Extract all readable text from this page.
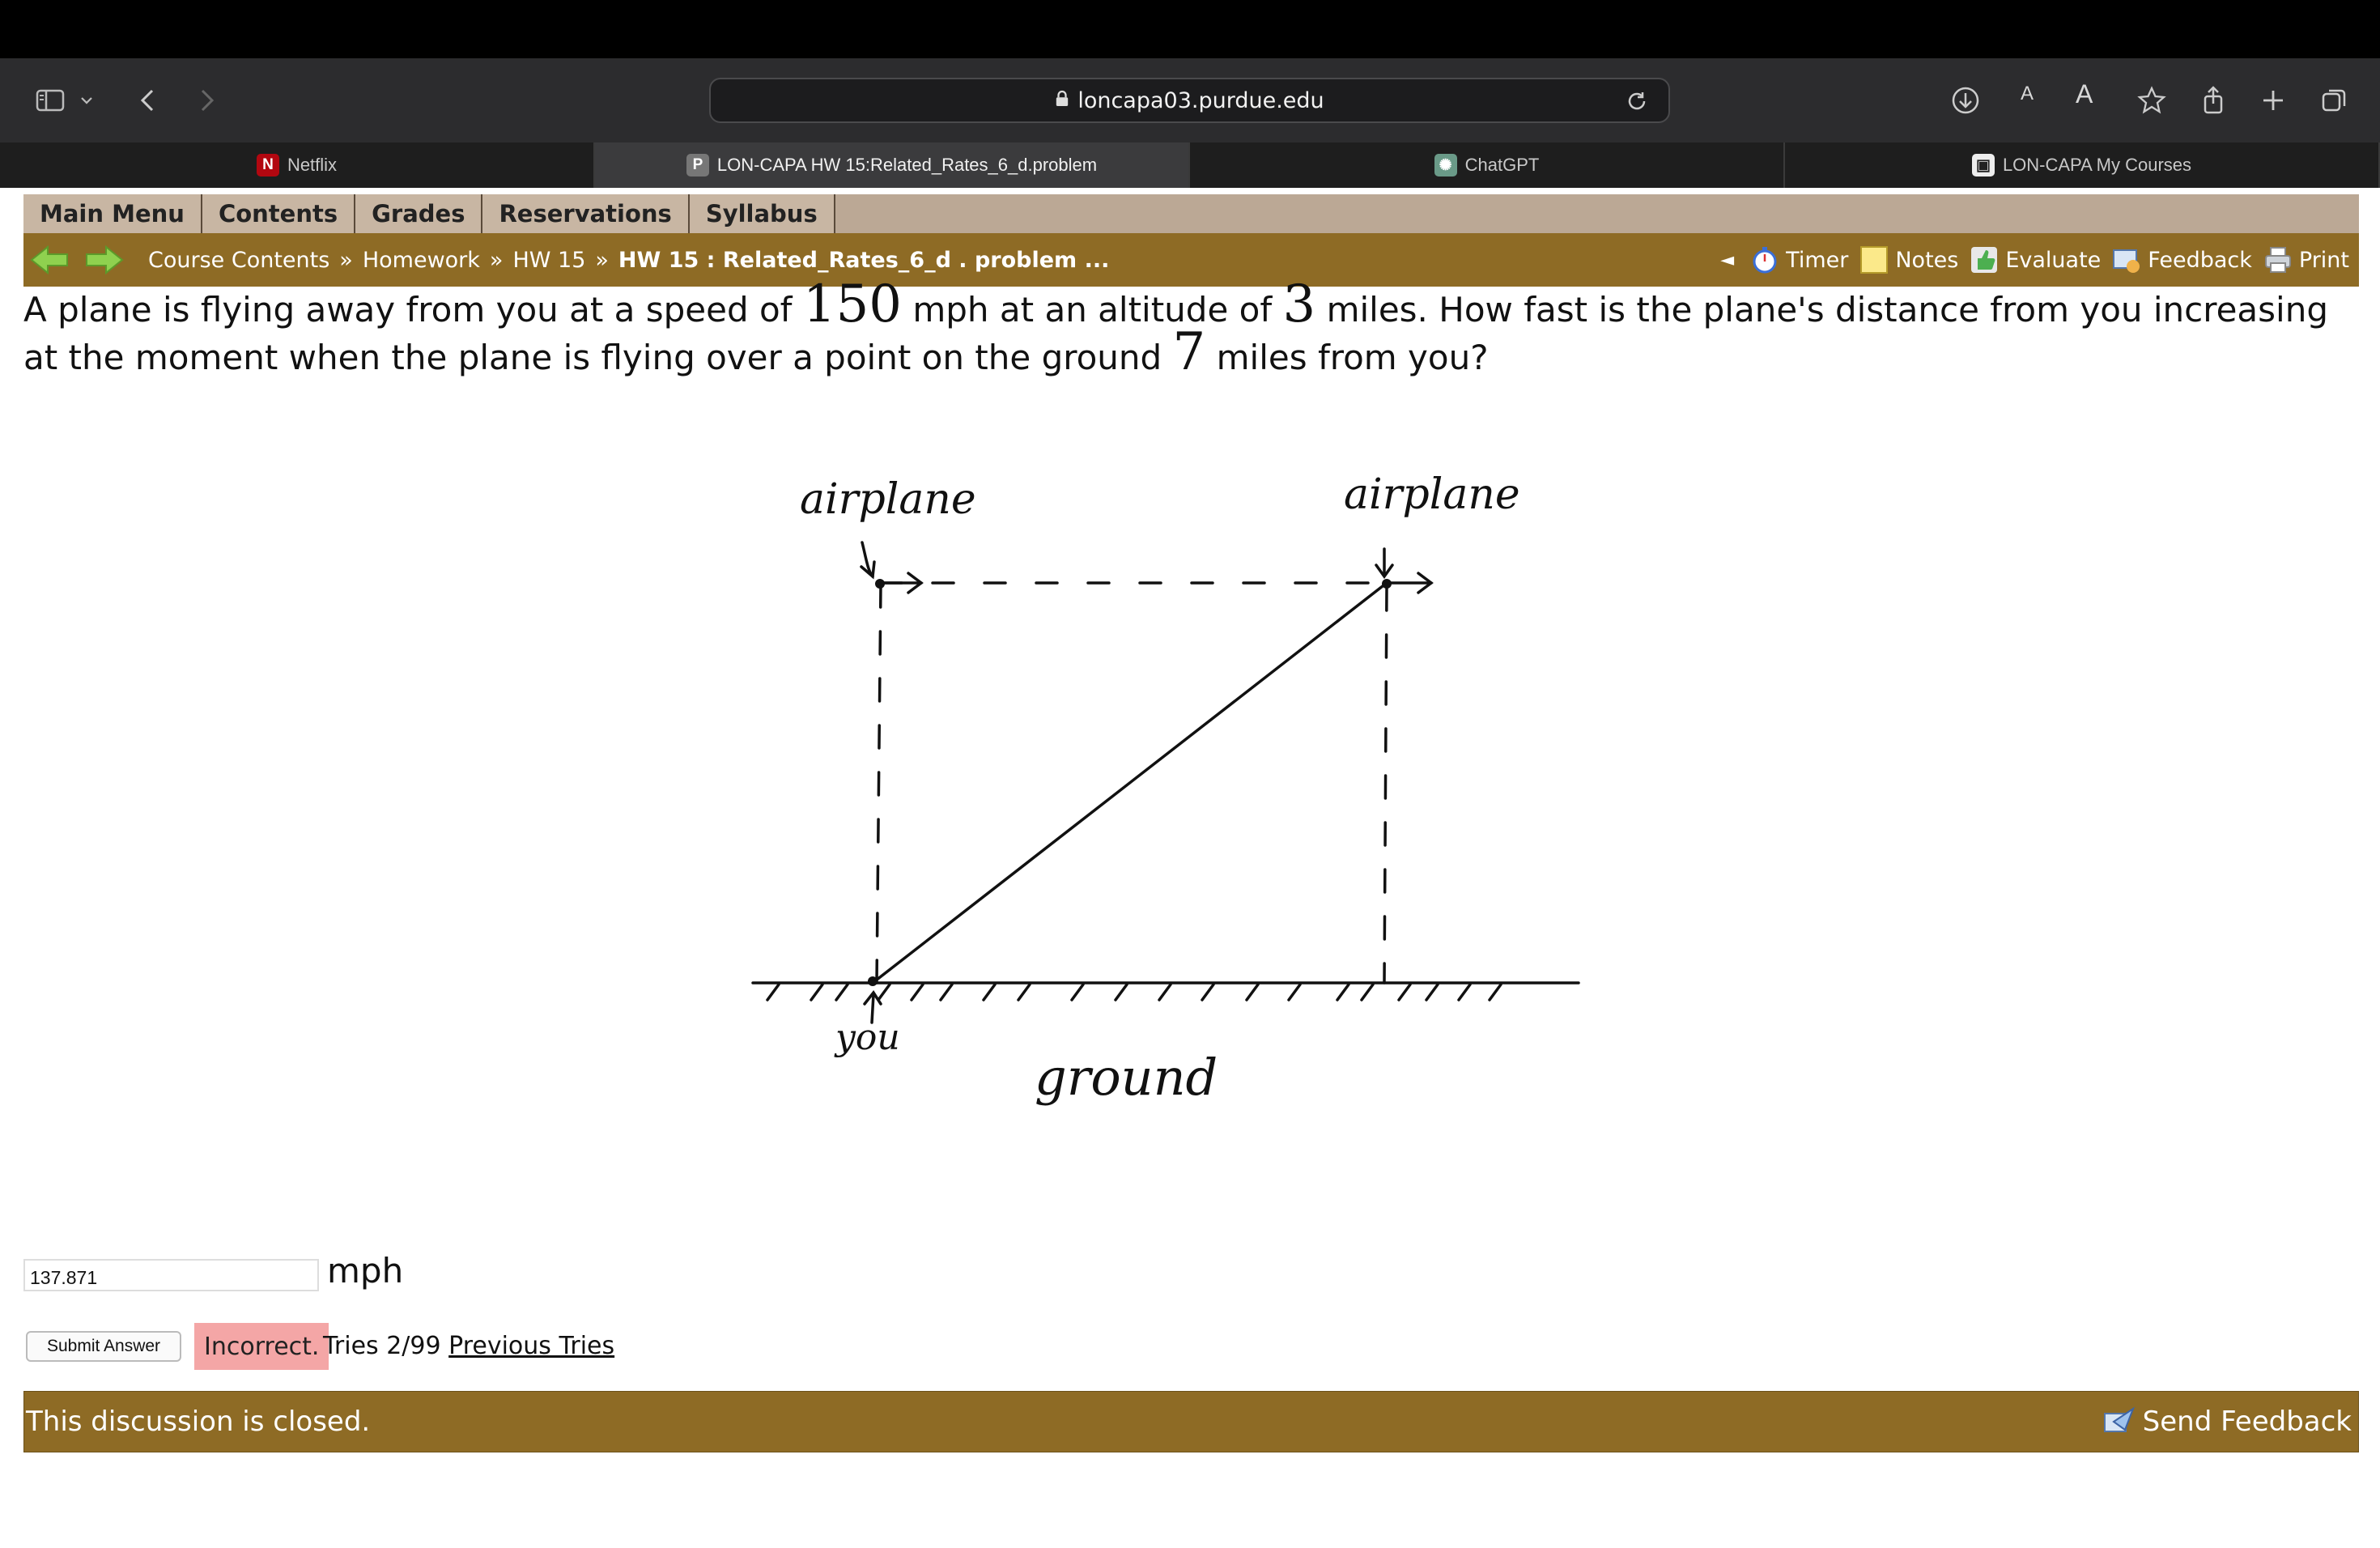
loncapa03.purdue.edu	A A
N Netflix	P LON-CAPA HW 15:Related_Rates_6_d.problem	✺ ChatGPT	▣ LON-CAPA My Courses
Main Menu	Contents	Grades	Reservations	Syllabus
Course Contents » Homework » HW 15 » HW 15 : Related_Rates_6_d . problem ...	◄ Timer Notes Evaluate Feedback Print
A plane is flying away from you at a speed of 150 mph at an altitude of 3 miles. How fast is the plane's distance from you increasing at the moment when the plane is flying over a point on the ground 7 miles from you?
airplane	airplane
you
ground
137.871	mph
Submit Answer	Incorrect. Tries 2/99 Previous Tries
This discussion is closed.	Send Feedback
